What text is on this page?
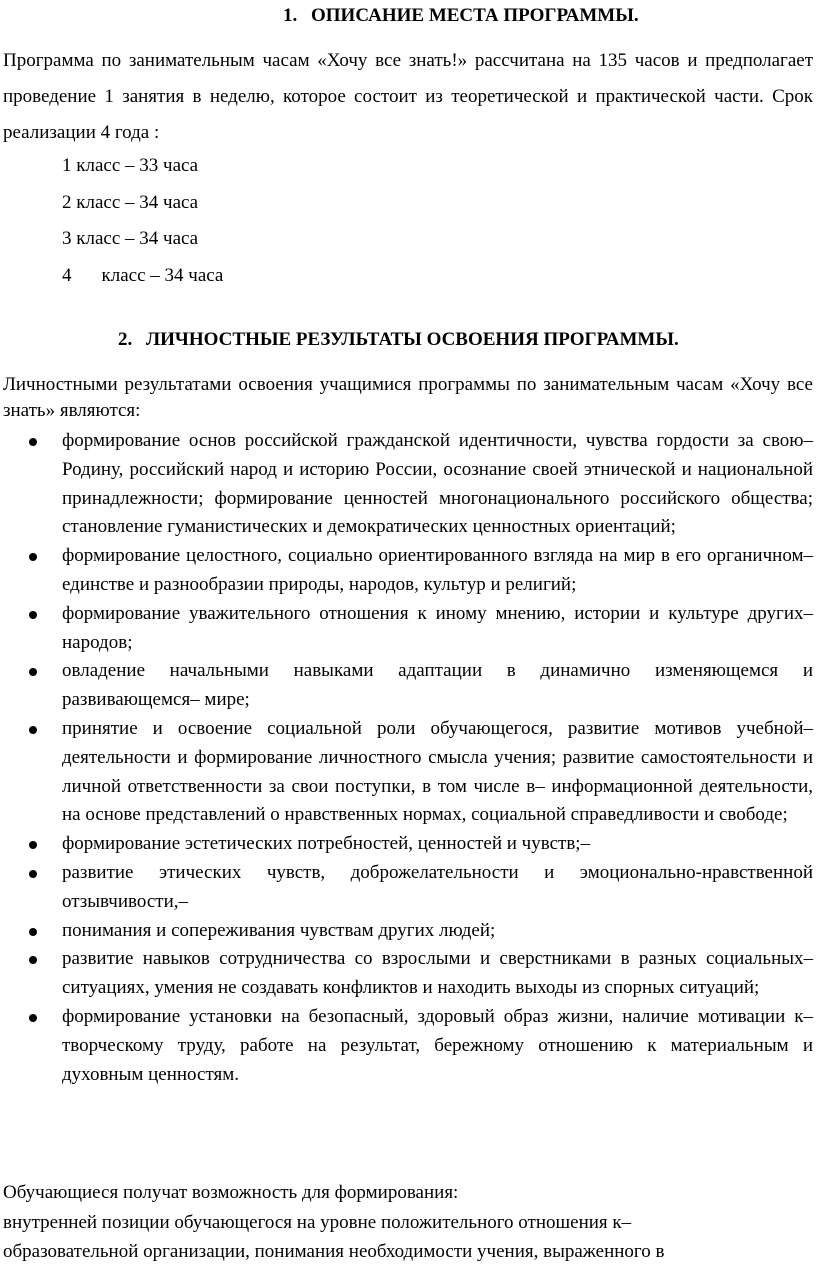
1. ОПИСАНИЕ МЕСТА ПРОГРАММЫ.
Программа по занимательным часам «Хочу все знать!» рассчитана на 135 часов и предполагает проведение 1 занятия в неделю, которое состоит из теоретической и практической части. Срок реализации 4 года :
1 класс – 33 часа
2 класс – 34 часа
3 класс – 34 часа
4 класс – 34 часа
2. ЛИЧНОСТНЫЕ РЕЗУЛЬТАТЫ ОСВОЕНИЯ ПРОГРАММЫ.
Личностными результатами освоения учащимися программы по занимательным часам «Хочу все знать» являются:
формирование основ российской гражданской идентичности, чувства гордости за свою– Родину, российский народ и историю России, осознание своей этнической и национальной принадлежности; формирование ценностей многонационального российского общества; становление гуманистических и демократических ценностных ориентаций;
формирование целостного, социально ориентированного взгляда на мир в его органичном– единстве и разнообразии природы, народов, культур и религий;
формирование уважительного отношения к иному мнению, истории и культуре других– народов;
овладение начальными навыками адаптации в динамично изменяющемся и развивающемся– мире;
принятие и освоение социальной роли обучающегося, развитие мотивов учебной– деятельности и формирование личностного смысла учения; развитие самостоятельности и личной ответственности за свои поступки, в том числе в– информационной деятельности, на основе представлений о нравственных нормах, социальной справедливости и свободе;
формирование эстетических потребностей, ценностей и чувств;–
развитие этических чувств, доброжелательности и эмоционально-нравственной отзывчивости,–
понимания и сопереживания чувствам других людей;
развитие навыков сотрудничества со взрослыми и сверстниками в разных социальных– ситуациях, умения не создавать конфликтов и находить выходы из спорных ситуаций;
формирование установки на безопасный, здоровый образ жизни, наличие мотивации к– творческому труду, работе на результат, бережному отношению к материальным и духовным ценностям.
Обучающиеся получат возможность для формирования:
внутренней позиции обучающегося на уровне положительного отношения к–
образовательной организации, понимания необходимости учения, выраженного в
